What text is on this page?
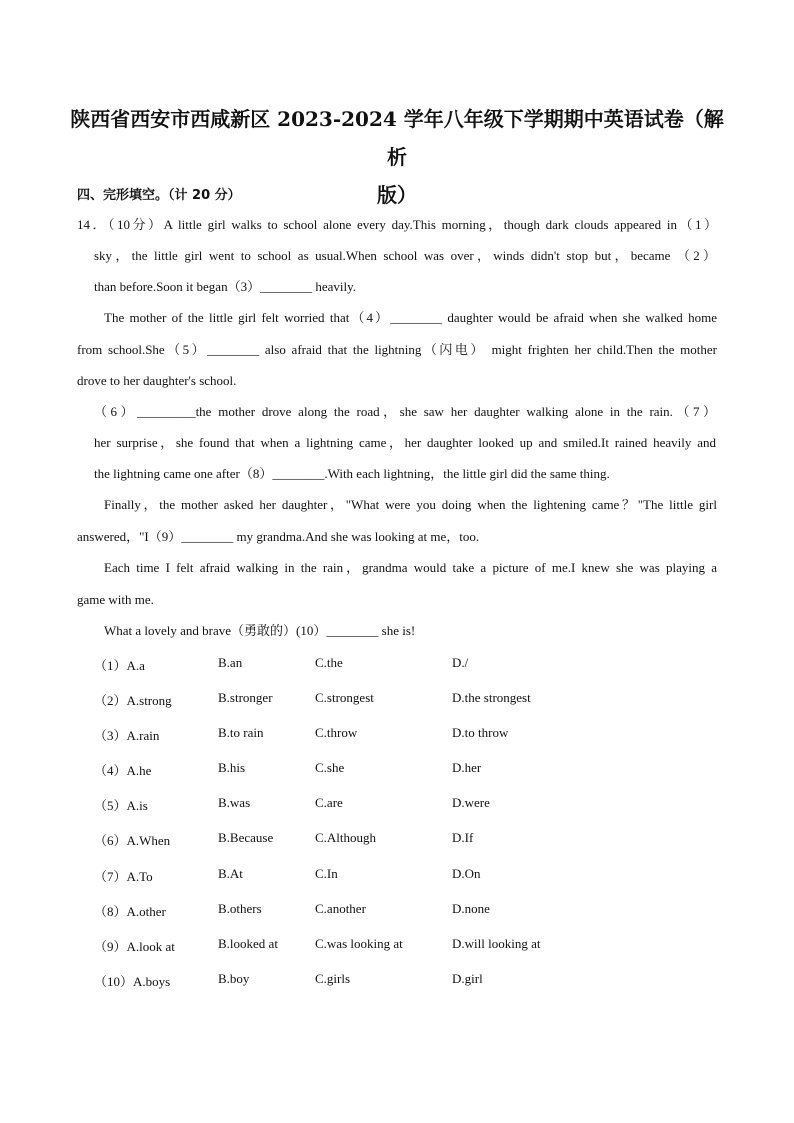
陕西省西安市西咸新区 2023-2024 学年八年级下学期期中英语试卷（解析
版）
四、完形填空。（计 20 分）
14．（10分）A little girl walks to school alone every day.This morning，though dark clouds appeared in（1）
sky，the little girl went to school as usual.When school was over，winds didn't stop but，became （2）
than before.Soon it began（3）________ heavily.
The mother of the little girl felt worried that（4）________ daughter would be afraid when she walked home
from school.She（5）________ also afraid that the lightning（闪电） might frighten her child.Then the mother
drove to her daughter's school.
（6）_________the mother drove along the road，she saw her daughter walking alone in the rain.（7）
her surprise，she found that when a lightning came，her daughter looked up and smiled.It rained heavily and
the lightning came one after（8）________.With each lightning，the little girl did the same thing.
Finally，the mother asked her daughter，"What were you doing when the lightening came？"The little girl
answered，"I（9）________ my grandma.And she was looking at me，too.
Each time I felt afraid walking in the rain，grandma would take a picture of me.I knew she was playing a
game with me.
What a lovely and brave（勇敢的）(10）________ she is!
（1）A.a	B.an	C.the	D./
（2）A.strong	B.stronger	C.strongest	D.the strongest
（3）A.rain	B.to rain	C.throw	D.to throw
（4）A.he	B.his	C.she	D.her
（5）A.is	B.was	C.are	D.were
（6）A.When	B.Because	C.Although	D.If
（7）A.To	B.At	C.In	D.On
（8）A.other	B.others	C.another	D.none
（9）A.look at	B.looked at	C.was looking at	D.will looking at
（10）A.boys	B.boy	C.girls	D.girl
